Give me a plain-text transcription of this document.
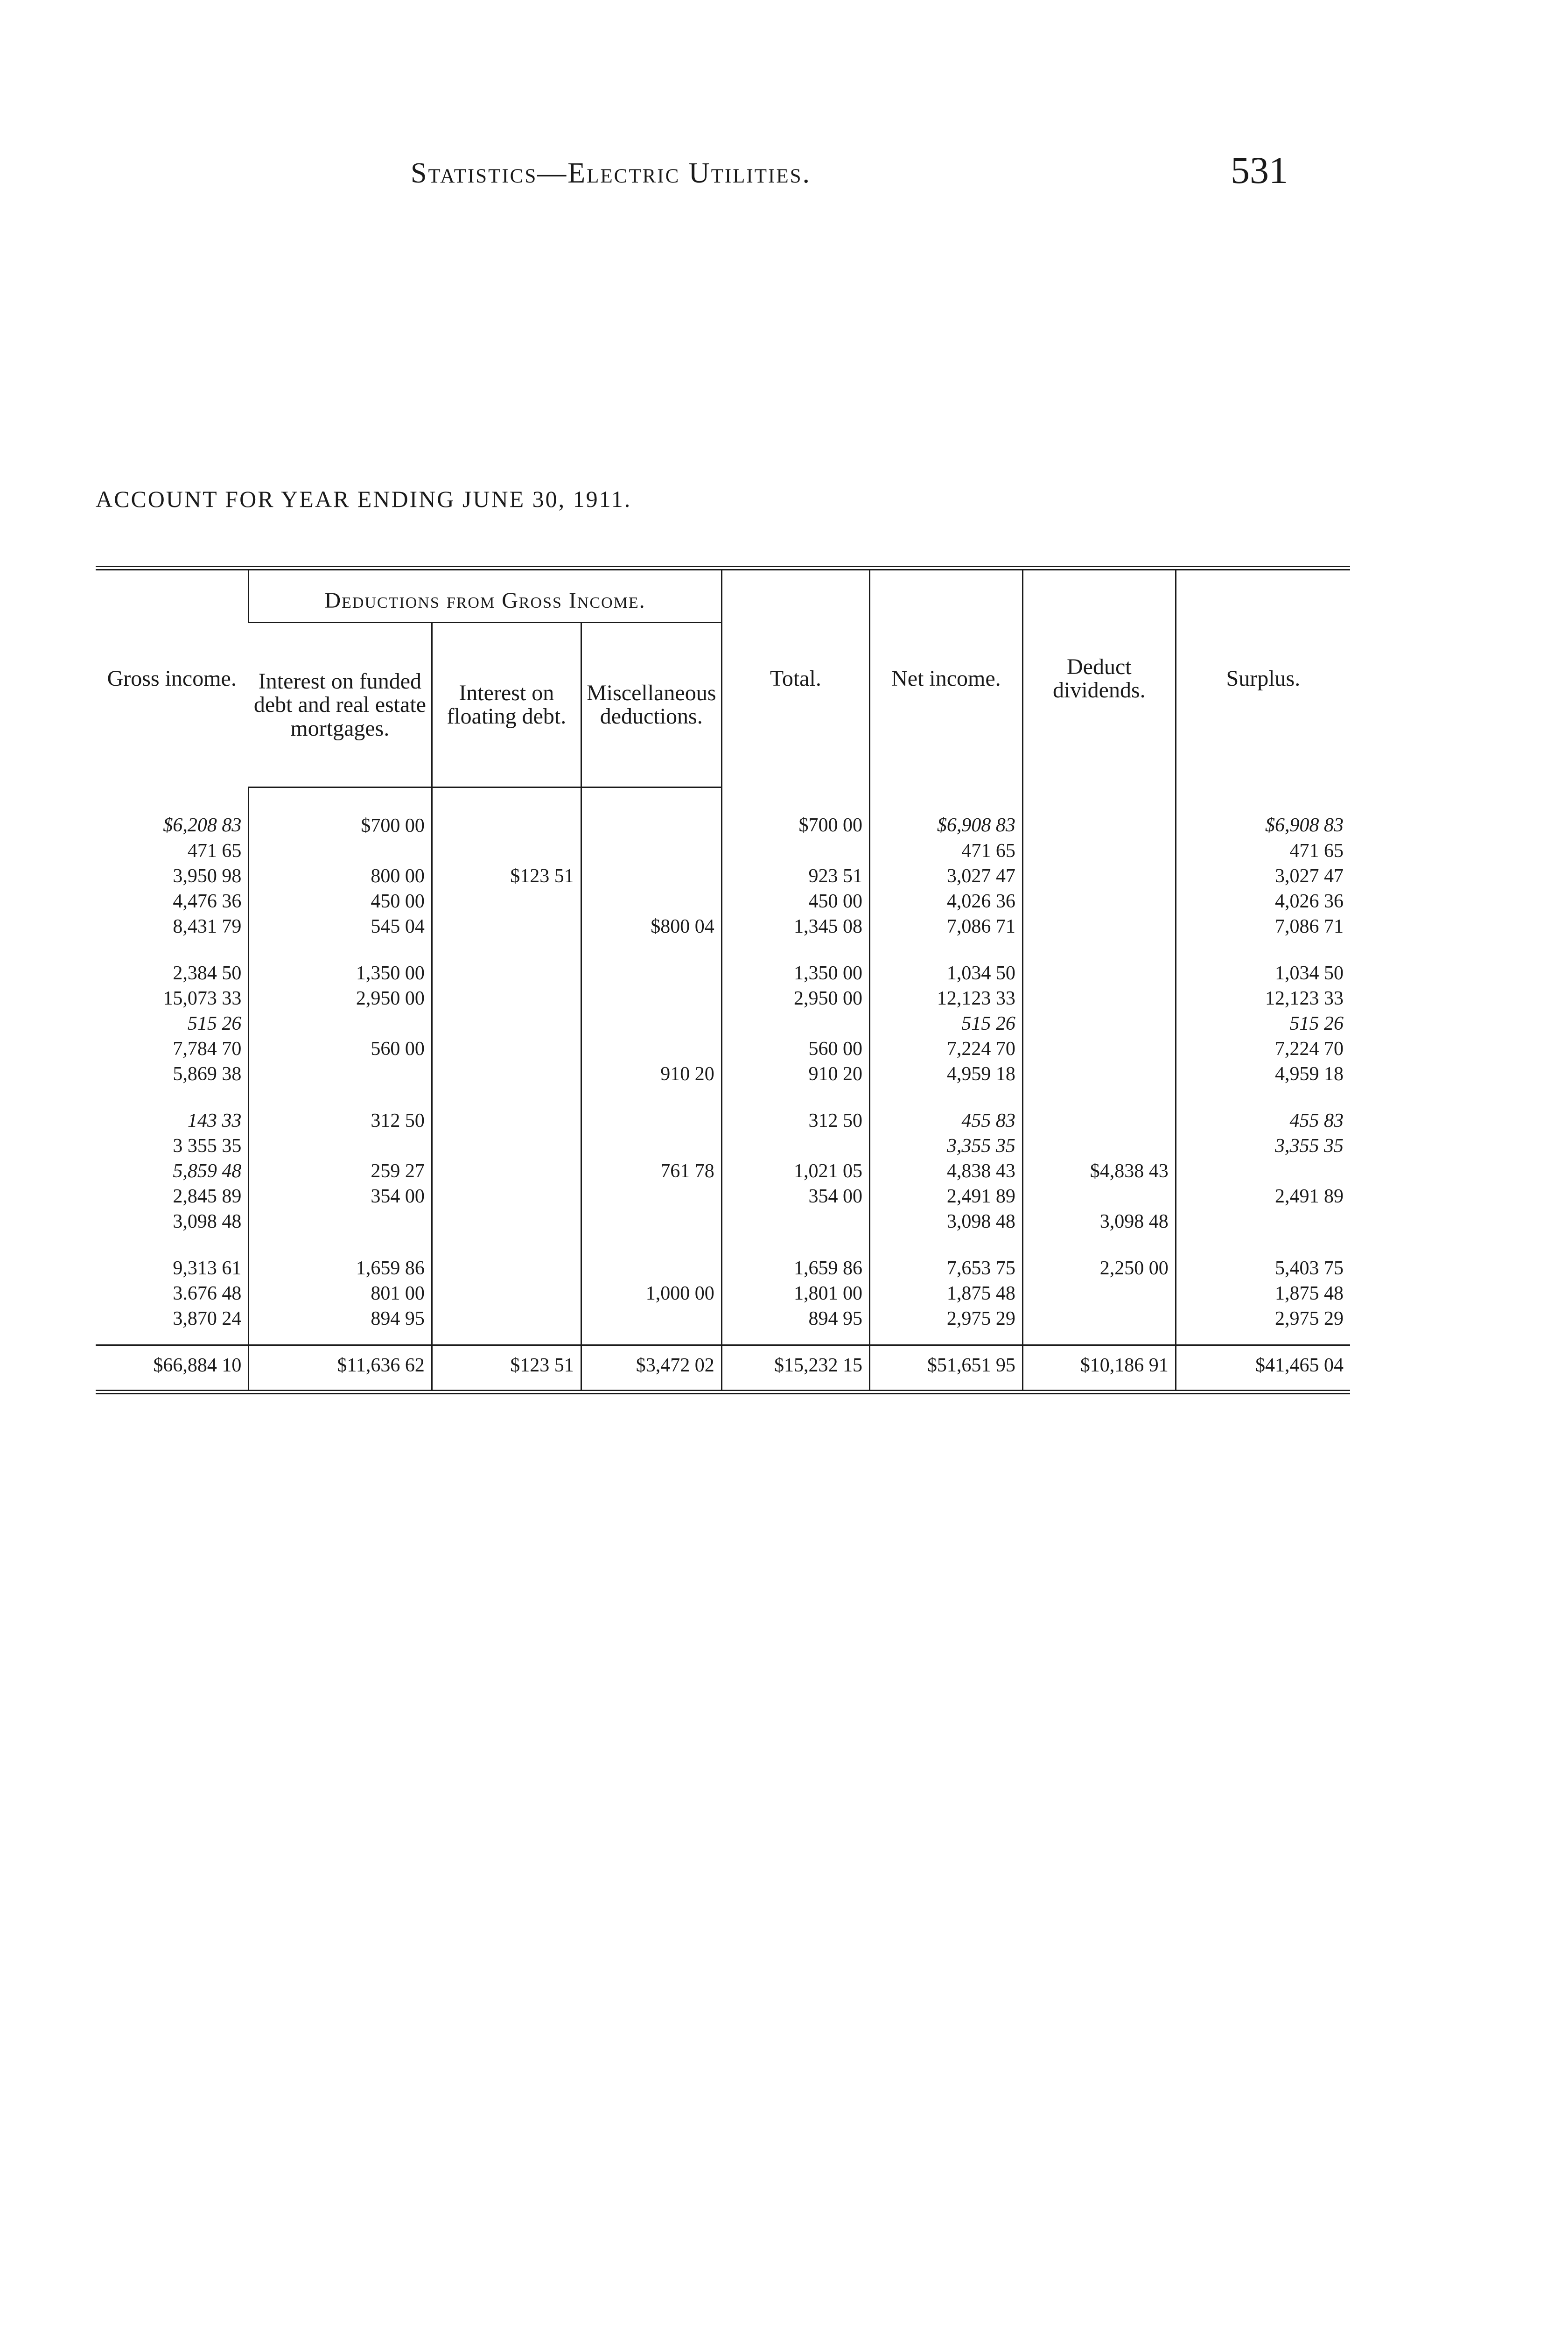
Statistics—Electric Utilities.	531
ACCOUNT FOR YEAR ENDING JUNE 30, 1911.
Gross income.	Deductions from Gross Income.			Total.	Net income.	Deduct dividends.	Surplus.
	Interest on funded debt and real estate mortgages.	Interest on floating debt.	Miscellaneous deductions.				
$6,208 83	$700 00			$700 00	$6,908 83		$6,908 83
471 65					471 65		471 65
3,950 98	800 00	$123 51		923 51	3,027 47		3,027 47
4,476 36	450 00			450 00	4,026 36		4,026 36
8,431 79	545 04		$800 04	1,345 08	7,086 71		7,086 71
2,384 50	1,350 00			1,350 00	1,034 50		1,034 50
15,073 33	2,950 00			2,950 00	12,123 33		12,123 33
515 26					515 26		515 26
7,784 70	560 00			560 00	7,224 70		7,224 70
5,869 38			910 20	910 20	4,959 18		4,959 18
143 33	312 50			312 50	455 83		455 83
3 355 35					3,355 35		3,355 35
5,859 48	259 27		761 78	1,021 05	4,838 43	$4,838 43	
2,845 89	354 00			354 00	2,491 89		2,491 89
3,098 48					3,098 48	3,098 48	
9,313 61	1,659 86			1,659 86	7,653 75	2,250 00	5,403 75
3.676 48	801 00		1,000 00	1,801 00	1,875 48		1,875 48
3,870 24	894 95			894 95	2,975 29		2,975 29
$66,884 10	$11,636 62	$123 51	$3,472 02	$15,232 15	$51,651 95	$10,186 91	$41,465 04
